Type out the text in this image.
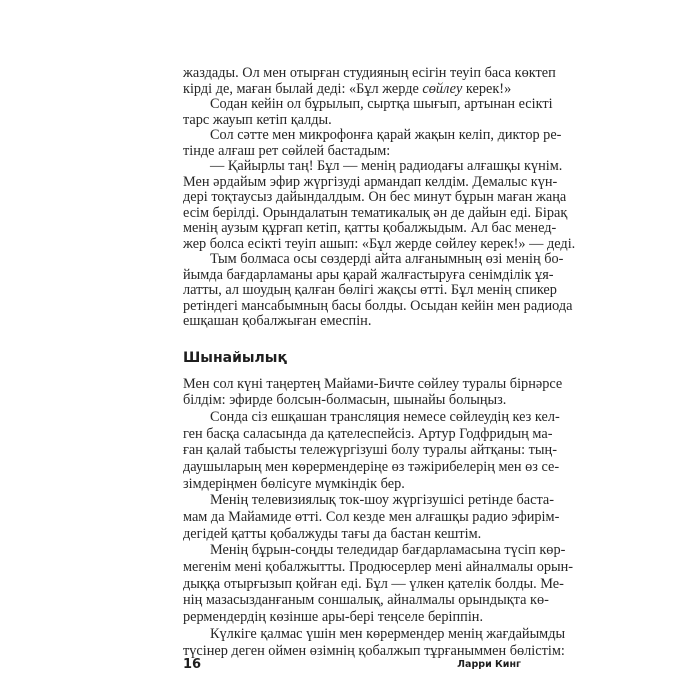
жаздады. Ол мен отырған студияның есігін теуіп баса көктеп
кірді де, маған былай деді: «Бұл жерде сөйлеу керек!»
Содан кейін ол бұрылып, сыртқа шығып, артынан есікті
тарс жауып кетіп қалды.
Сол сәтте мен микрофонға қарай жақын келіп, диктор ре-
тінде алғаш рет сөйлей бастадым:
— Қайырлы таң! Бұл — менің радиодағы алғашқы күнім.
Мен әрдайым эфир жүргізуді армандап келдім. Демалыс күн-
дері тоқтаусыз дайындалдым. Он бес минут бұрын маған жаңа
есім берілді. Орындалатын тематикалық ән де дайын еді. Бірақ
менің аузым құрғап кетіп, қатты қобалжыдым. Ал бас менед-
жер болса есікті теуіп ашып: «Бұл жерде сөйлеу керек!» — деді.
Тым болмаса осы сөздерді айта алғанымның өзі менің бо-
йымда бағдарламаны ары қарай жалғастыруға сенімділік ұя-
латты, ал шоудың қалған бөлігі жақсы өтті. Бұл менің спикер
ретіндегі мансабымның басы болды. Осыдан кейін мен радиода
ешқашан қобалжыған емеспін.
Шынайылық
Мен сол күні таңертең Майами-Бичте сөйлеу туралы бірнәрсе
білдім: эфирде болсын-болмасын, шынайы болыңыз.
Сонда сіз ешқашан трансляция немесе сөйлеудің кез кел-
ген басқа саласында да қателеспейсіз. Артур Годфридың ма-
ған қалай табысты тележүргізуші болу туралы айтқаны: тың-
даушыларың мен көрермендеріңе өз тәжірибелерің мен өз се-
зімдеріңмен бөлісуге мүмкіндік бер.
Менің телевизиялық ток-шоу жүргізушісі ретінде баста-
мам да Майамиде өтті. Сол кезде мен алғашқы радио эфирім-
дегідей қатты қобалжуды тағы да бастан кештім.
Менің бұрын-соңды теледидар бағдарламасына түсіп көр-
мегенім мені қобалжытты. Продюсерлер мені айналмалы орын-
дыққа отырғызып қойған еді. Бұл — үлкен қателік болды. Ме-
нің мазасызданғаным соншалық, айналмалы орындықта кө-
рермендердің көзінше ары-бері теңселе беріппін.
Күлкіге қалмас үшін мен көрермендер менің жағдайымды
түсінер деген оймен өзімнің қобалжып тұрғаныммен бөлістім:
16	Ларри Кинг
